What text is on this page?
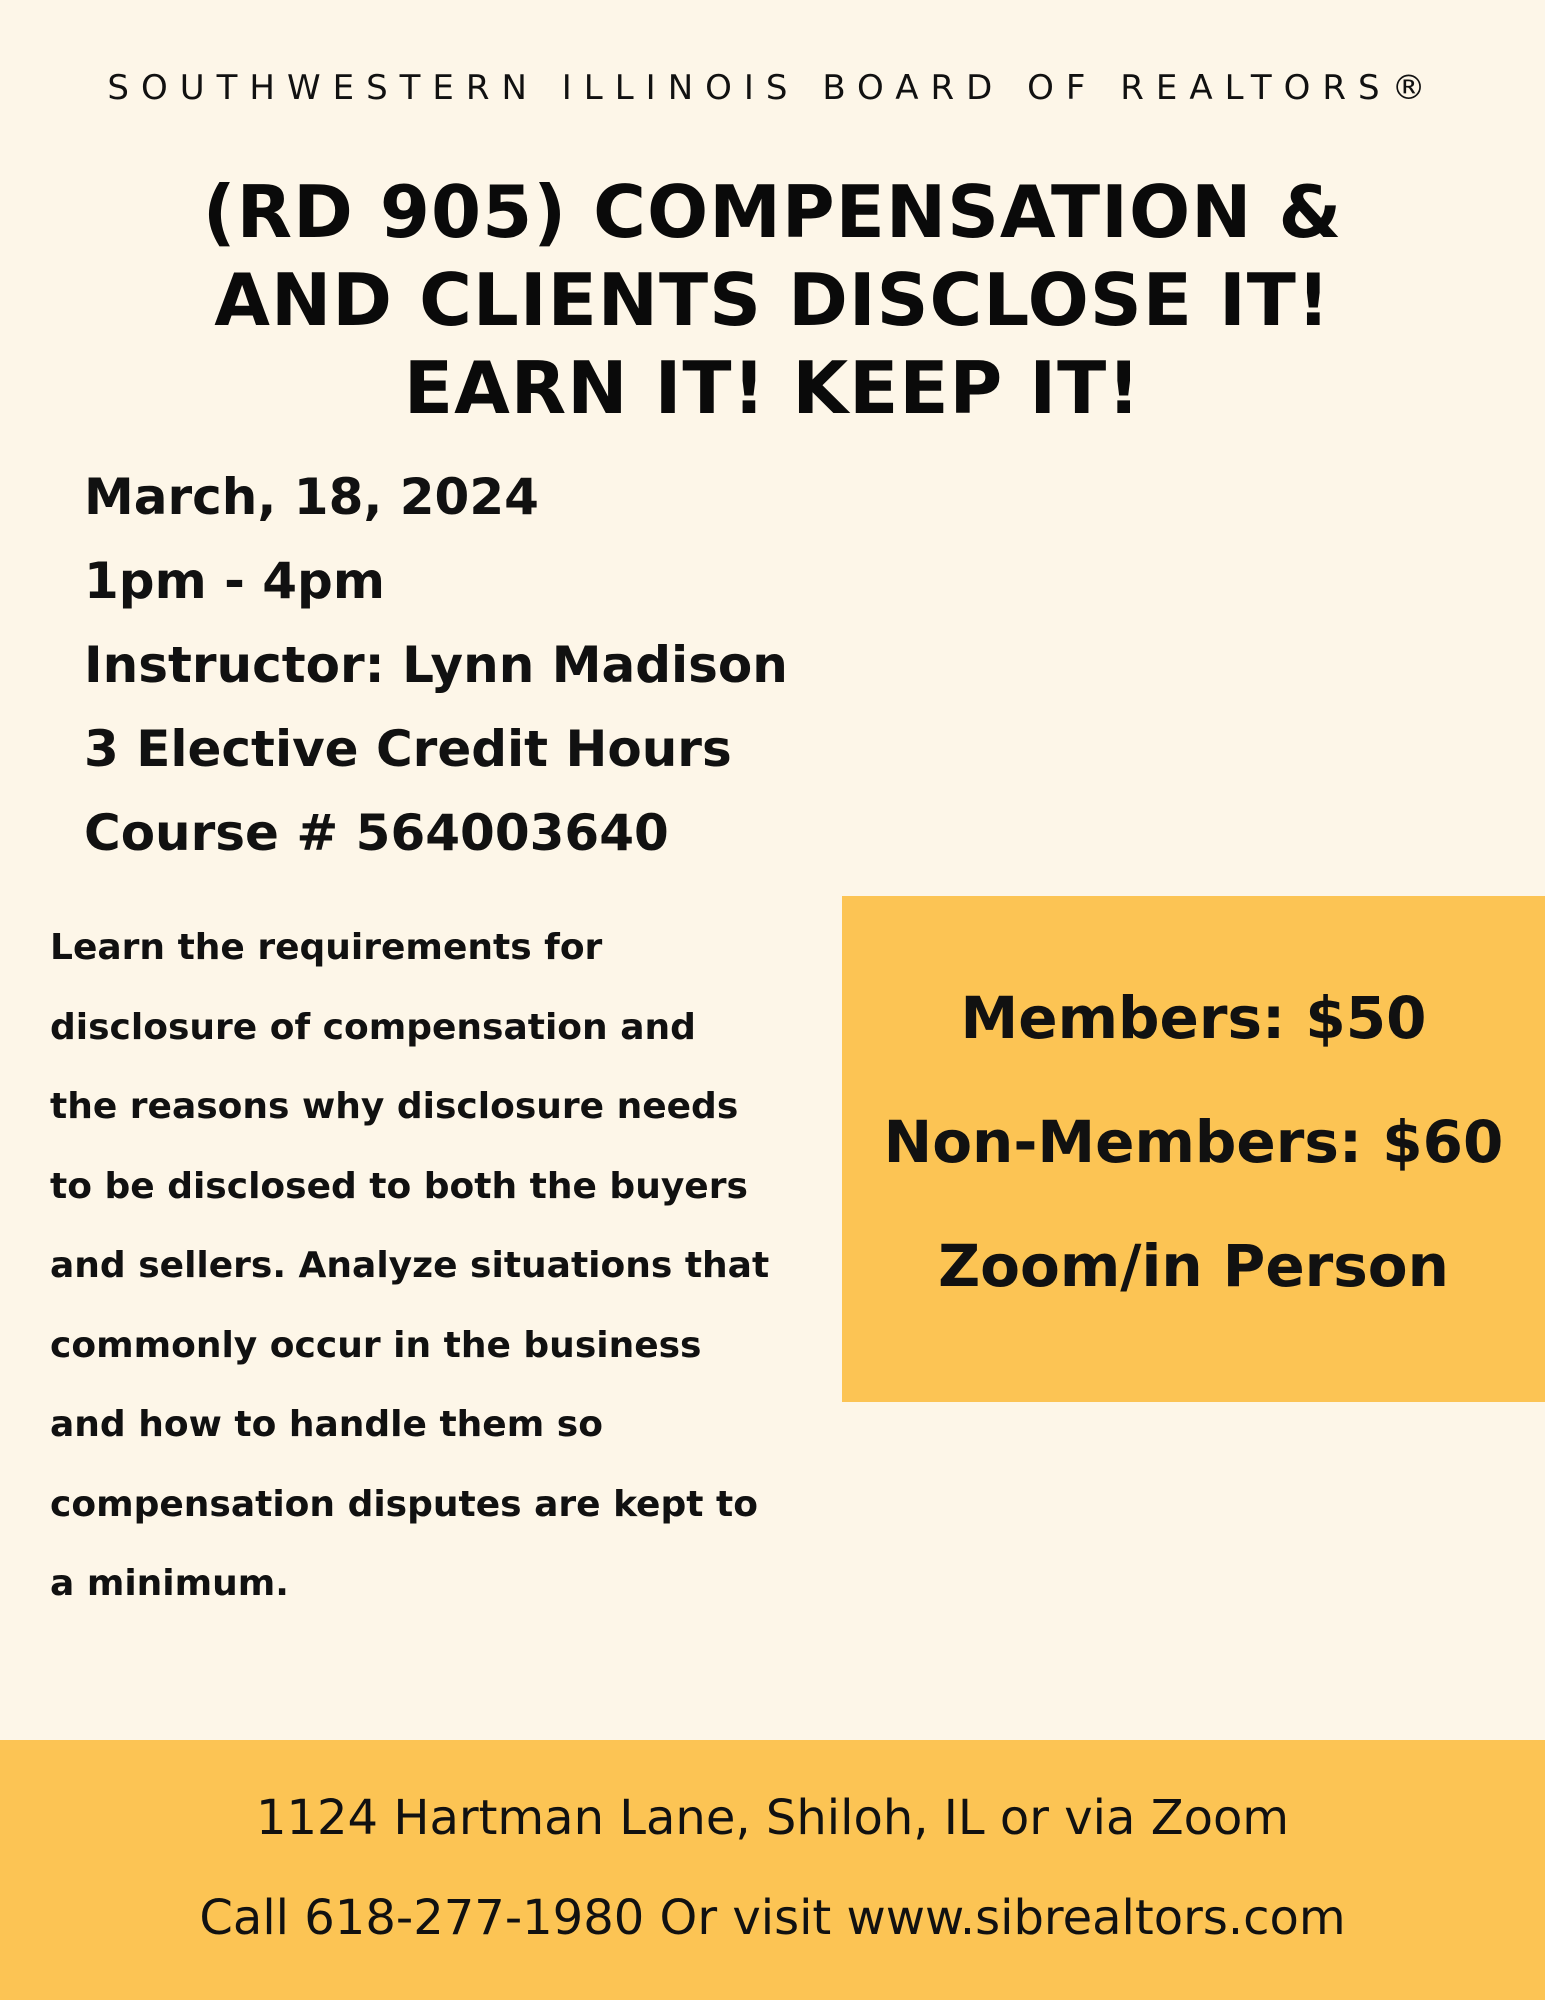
SOUTHWESTERN ILLINOIS BOARD OF REALTORS®
(RD 905) COMPENSATION &
AND CLIENTS DISCLOSE IT!
EARN IT! KEEP IT!
March, 18, 2024
1pm - 4pm
Instructor: Lynn Madison
3 Elective Credit Hours
Course # 564003640
Learn the requirements for
disclosure of compensation and
the reasons why disclosure needs
to be disclosed to both the buyers
and sellers. Analyze situations that
commonly occur in the business
and how to handle them so
compensation disputes are kept to
a minimum.
Members: $50
Non-Members: $60
Zoom/in Person
1124 Hartman Lane, Shiloh, IL or via Zoom
Call 618-277-1980 Or visit www.sibrealtors.com
